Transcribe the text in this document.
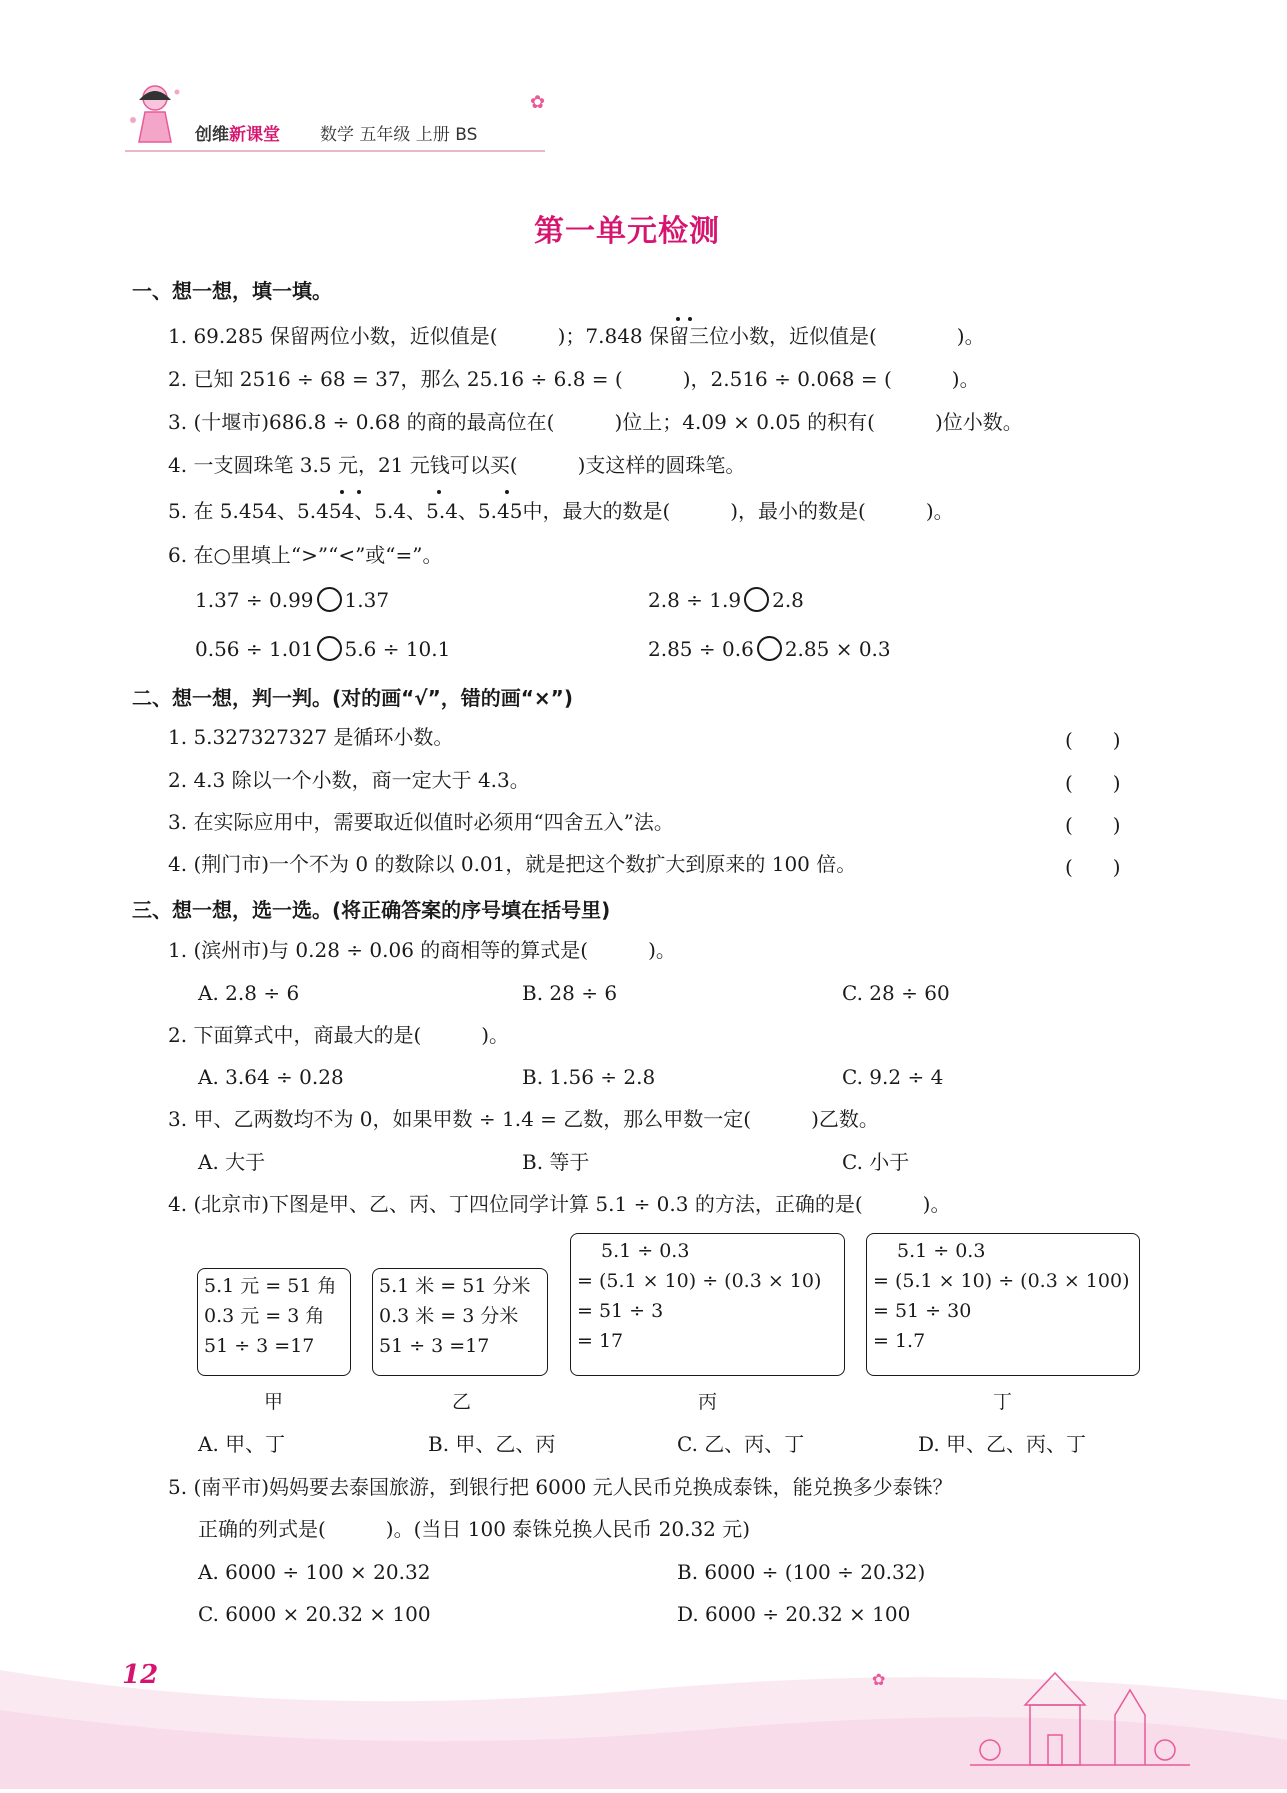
创维新课堂 数学 五年级 上册 BS
✿
第一单元检测
一、想一想，填一填。
1. 69.285 保留两位小数，近似值是(　　　)；7.848 保留三位小数，近似值是(　　　　)。
2. 已知 2516 ÷ 68 = 37，那么 25.16 ÷ 6.8 = (　　　)，2.516 ÷ 0.068 = (　　　)。
3. (十堰市)686.8 ÷ 0.68 的商的最高位在(　　　)位上；4.09 × 0.05 的积有(　　　)位小数。
4. 一支圆珠笔 3.5 元，21 元钱可以买(　　　)支这样的圆珠笔。
5. 在 5.454、5.454、5.4、5.4、5.45中，最大的数是(　　　)，最小的数是(　　　)。
6. 在○里填上“>”“<”或“=”。
1.37 ÷ 0.99 1.37	2.8 ÷ 1.9 2.8
0.56 ÷ 1.01 5.6 ÷ 10.1	2.85 ÷ 0.6 2.85 × 0.3
二、想一想，判一判。(对的画“√”，错的画“×”)
1. 5.327327327 是循环小数。	(　　)
2. 4.3 除以一个小数，商一定大于 4.3。	(　　)
3. 在实际应用中，需要取近似值时必须用“四舍五入”法。	(　　)
4. (荆门市)一个不为 0 的数除以 0.01，就是把这个数扩大到原来的 100 倍。	(　　)
三、想一想，选一选。(将正确答案的序号填在括号里)
1. (滨州市)与 0.28 ÷ 0.06 的商相等的算式是(　　　)。
A. 2.8 ÷ 6	B. 28 ÷ 6	C. 28 ÷ 60
2. 下面算式中，商最大的是(　　　)。
A. 3.64 ÷ 0.28	B. 1.56 ÷ 2.8	C. 9.2 ÷ 4
3. 甲、乙两数均不为 0，如果甲数 ÷ 1.4 = 乙数，那么甲数一定(　　　)乙数。
A. 大于	B. 等于	C. 小于
4. (北京市)下图是甲、乙、丙、丁四位同学计算 5.1 ÷ 0.3 的方法，正确的是(　　　)。
5.1 元 = 51 角
0.3 元 = 3 角
51 ÷ 3 =17
5.1 米 = 51 分米
0.3 米 = 3 分米
51 ÷ 3 =17
5.1 ÷ 0.3
= (5.1 × 10) ÷ (0.3 × 10)
= 51 ÷ 3
= 17
5.1 ÷ 0.3
= (5.1 × 10) ÷ (0.3 × 100)
= 51 ÷ 30
= 1.7
甲	乙	丙	丁
A. 甲、丁	B. 甲、乙、丙	C. 乙、丙、丁	D. 甲、乙、丙、丁
5. (南平市)妈妈要去泰国旅游，到银行把 6000 元人民币兑换成泰铢，能兑换多少泰铢？
正确的列式是(　　　)。(当日 100 泰铢兑换人民币 20.32 元)
A. 6000 ÷ 100 × 20.32	B. 6000 ÷ (100 ÷ 20.32)
C. 6000 × 20.32 × 100	D. 6000 ÷ 20.32 × 100
✿
12
